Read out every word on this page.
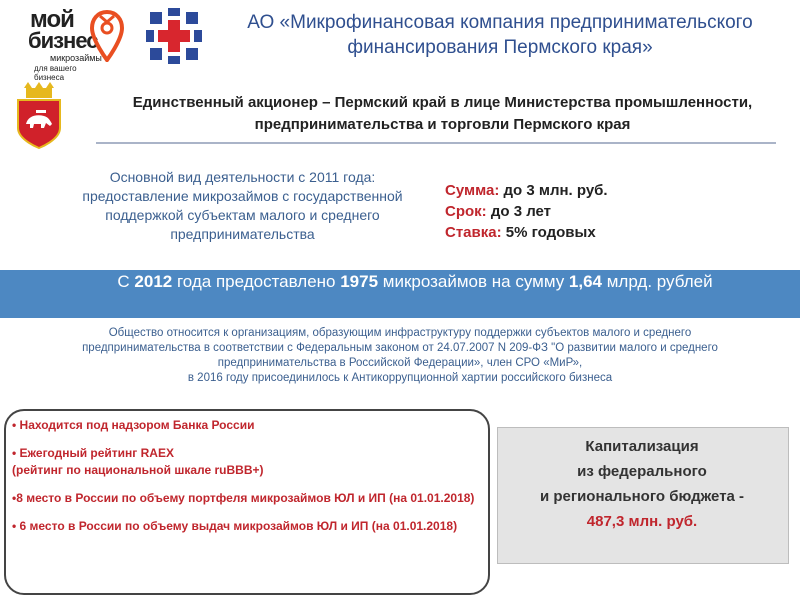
мой
бизнес
микрозаймы
для вашего бизнеса
АО «Микрофинансовая компания предпринимательского финансирования Пермского края»
Единственный акционер – Пермский край в лице Министерства промышленности, предпринимательства и торговли Пермского края
Основной вид деятельности с 2011 года: предоставление микрозаймов с государственной поддержкой субъектам малого и среднего предпринимательства
Сумма: до 3 млн. руб.
Срок: до 3 лет
Ставка: 5% годовых
С 2012 года предоставлено 1975 микрозаймов на сумму 1,64 млрд. рублей
Общество относится к организациям, образующим инфраструктуру поддержки субъектов малого и среднего
предпринимательства в соответствии с Федеральным законом от 24.07.2007 N 209-ФЗ "О развитии малого и среднего
предпринимательства в Российской Федерации», член СРО «МиР»,
в 2016 году присоединилось к Антикоррупционной хартии российского бизнеса
• Находится под надзором Банка России
• Ежегодный рейтинг RAEX
(рейтинг по национальной шкале ruBBB+)
•8 место в России по объему портфеля микрозаймов ЮЛ и ИП (на 01.01.2018)
• 6 место в России по объему выдач микрозаймов ЮЛ и ИП (на 01.01.2018)
Капитализация
из федерального
и регионального бюджета -
487,3 млн. руб.
